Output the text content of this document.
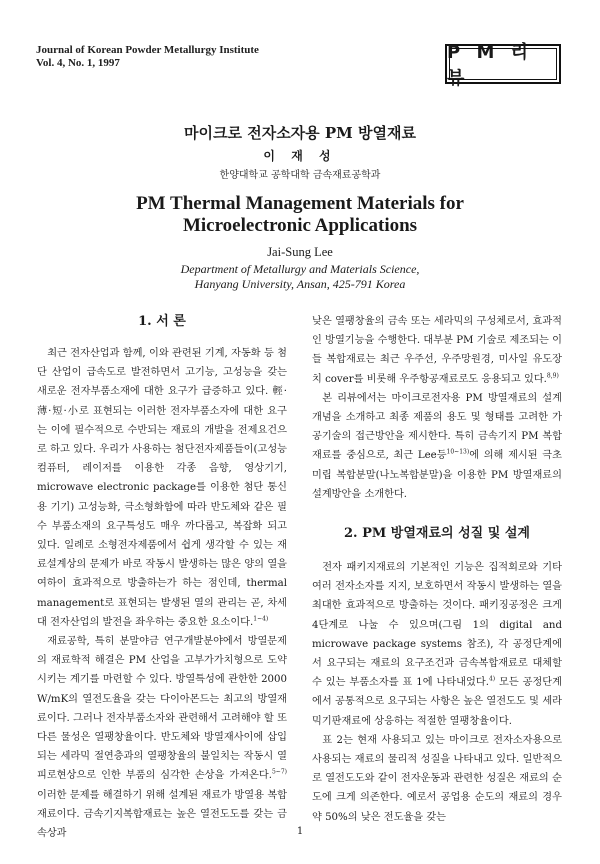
Journal of Korean Powder Metallurgy Institute
Vol. 4, No. 1, 1997	P M 리 뷰
마이크로 전자소자용 PM 방열재료
이 재 성
한양대학교 공학대학 금속재료공학과
PM Thermal Management Materials for
Microelectronic Applications
Jai-Sung Lee
Department of Metallurgy and Materials Science,
Hanyang University, Ansan, 425-791 Korea
1. 서 론

최근 전자산업과 함께, 이와 관련된 기계, 자동화 등 첨단 산업이 급속도로 발전하면서 고기능, 고성능을 갖는 새로운 전자부품소재에 대한 요구가 급증하고 있다. 輕·薄·短·小로 표현되는 이러한 전자부품소자에 대한 요구는 이에 필수적으로 수반되는 재료의 개발을 전제요건으로 하고 있다. 우리가 사용하는 첨단전자제품들이(고성능 컴퓨터, 레이저를 이용한 각종 음향, 영상기기, microwave electronic package를 이용한 첨단 통신용 기기) 고성능화, 극소형화함에 따라 반도체와 같은 필수 부품소재의 요구특성도 매우 까다롭고, 복잡화 되고 있다. 일례로 소형전자제품에서 쉽게 생각할 수 있는 재료설계상의 문제가 바로 작동시 발생하는 많은 양의 열을 여하이 효과적으로 방출하는가 하는 점인데, thermal management로 표현되는 발생된 열의 관리는 곧, 차세대 전자산업의 발전을 좌우하는 중요한 요소이다.$^{1\sim 4)}$

재료공학, 특히 분말야금 연구개발분야에서 방열문제의 재료학적 해결은 PM 산업을 고부가가치형으로 도약시키는 계기를 마련할 수 있다. 방열특성에 관한한 2000 W/mK의 열전도율을 갖는 다이아몬드는 최고의 방열재료이다. 그러나 전자부품소자와 관련해서 고려해야 할 또 다른 물성은 열팽창율이다. 반도체와 방열재사이에 삽입되는 세라믹 절연층과의 열팽창율의 불일치는 작동시 열피로현상으로 인한 부품의 심각한 손상을 가져온다.$^{5\sim 7)}$ 이러한 문제를 해결하기 위해 설계된 재료가 방열용 복합재료이다. 금속기지복합재료는 높은 열전도도를 갖는 금속상과

낮은 열팽창율의 금속 또는 세라믹의 구성체로서, 효과적인 방열기능을 수행한다. 대부분 PM 기술로 제조되는 이들 복합재료는 최근 우주선, 우주망원경, 미사일 유도장치 cover를 비롯해 우주항공재료로도 응용되고 있다.$^{8,9)}$

본 리뷰에서는 마이크로전자용 PM 방열재료의 설계개념을 소개하고 최종 제품의 용도 및 형태를 고려한 가공기술의 접근방안을 제시한다. 특히 금속기지 PM 복합재료를 중심으로, 최근 Lee등$^{10\sim 13)}$에 의해 제시된 극초미립 복합분말(나노복합분말)을 이용한 PM 방열재료의 설계방안을 소개한다.

2. PM 방열재료의 성질 및 설계

전자 패키지재료의 기본적인 기능은 집적회로와 기타 여러 전자소자를 지지, 보호하면서 작동시 발생하는 열을 최대한 효과적으로 방출하는 것이다. 패키징공정은 크게 4단계로 나눌 수 있으며(그림 1의 digital and microwave package systems 참조), 각 공정단계에서 요구되는 재료의 요구조건과 금속복합재료로 대체할 수 있는 부품소자를 표 1에 나타내었다.$^{4)}$ 모든 공정단계에서 공통적으로 요구되는 사항은 높은 열전도도 및 세라믹기판재료에 상응하는 적절한 열팽창율이다.

표 2는 현재 사용되고 있는 마이크로 전자소자용으로 사용되는 재료의 물리적 성질을 나타내고 있다. 일반적으로 열전도도와 같이 전자운동과 관련한 성질은 재료의 순도에 크게 의존한다. 예로서 공업용 순도의 재료의 경우 약 50%의 낮은 전도율을 갖는

1
